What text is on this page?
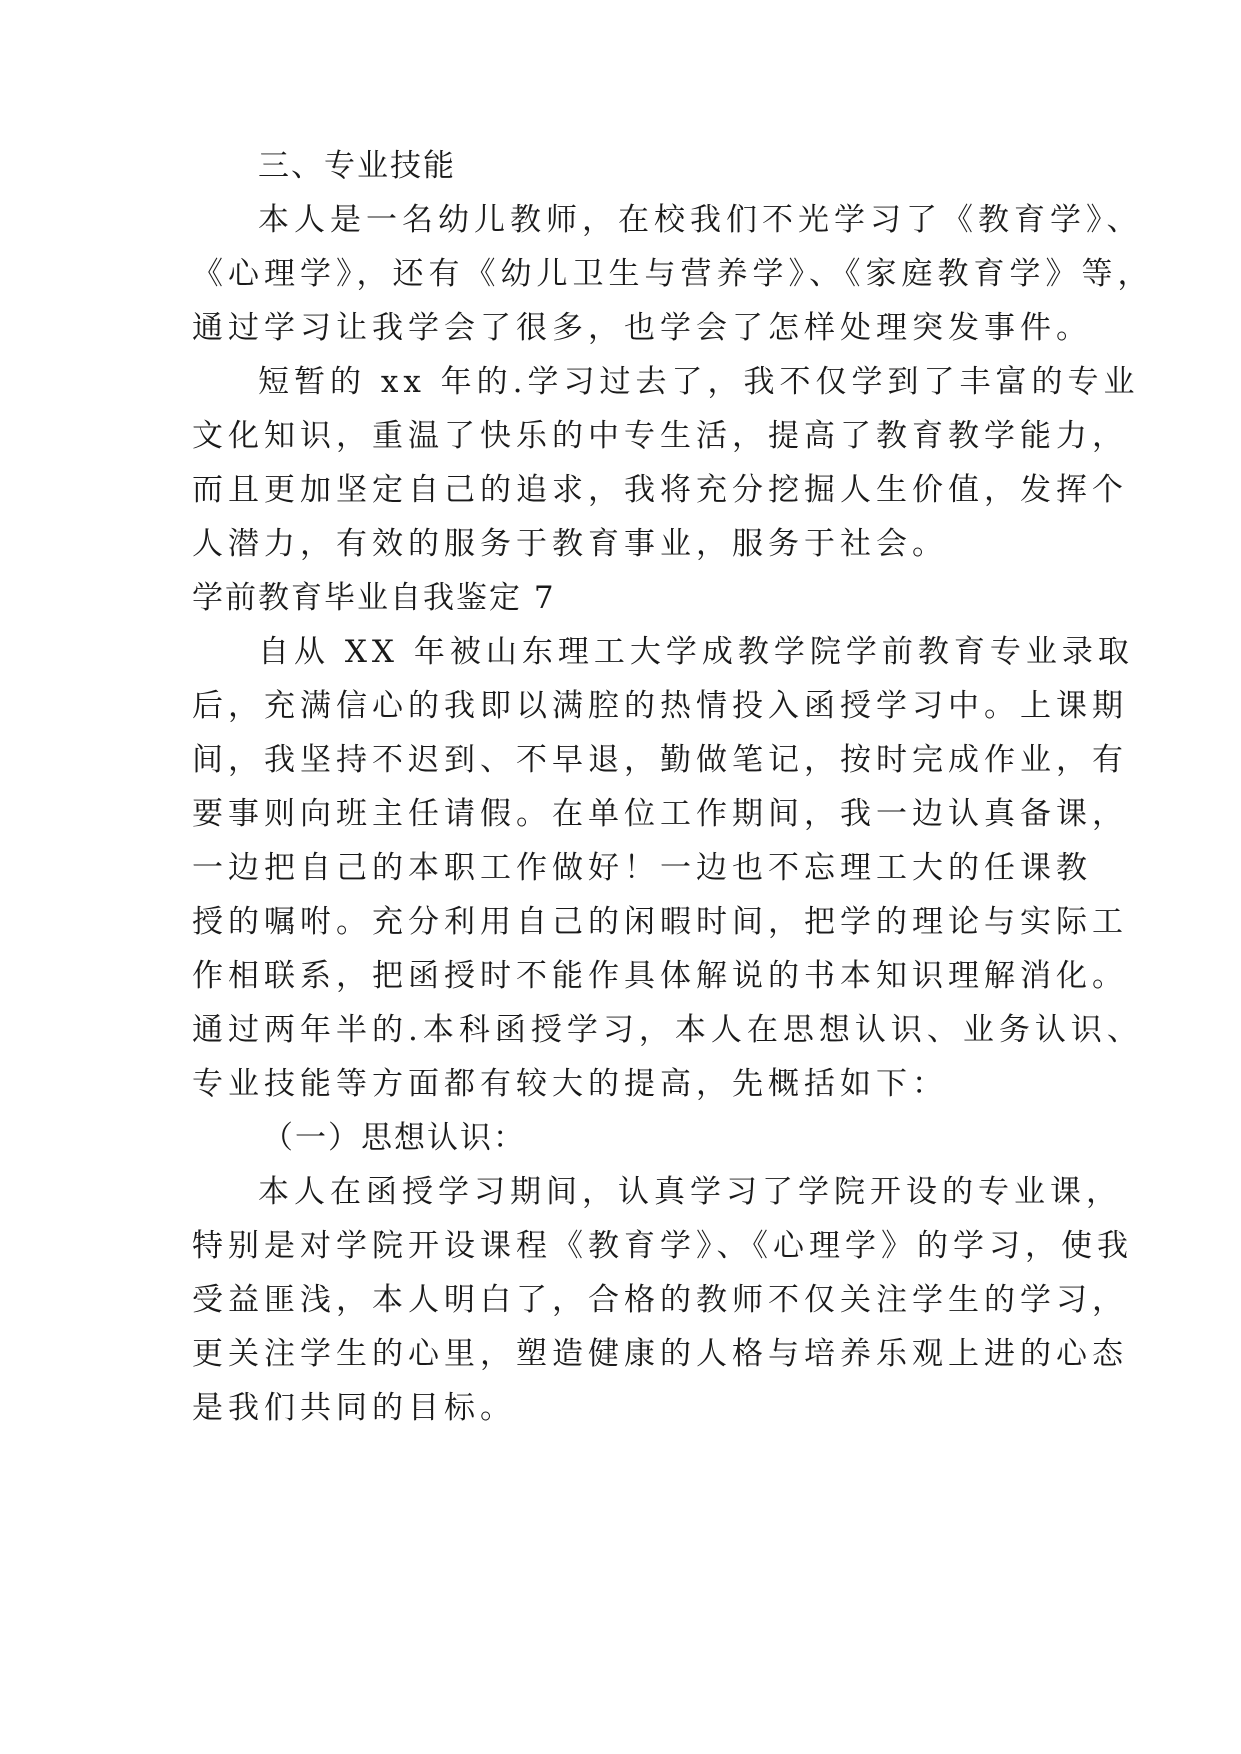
三、专业技能
本人是一名幼儿教师，在校我们不光学习了《教育学》、
《心理学》，还有《幼儿卫生与营养学》、《家庭教育学》等，
通过学习让我学会了很多，也学会了怎样处理突发事件。
短暂的 xx 年的.学习过去了，我不仅学到了丰富的专业
文化知识，重温了快乐的中专生活，提高了教育教学能力，
而且更加坚定自己的追求，我将充分挖掘人生价值，发挥个
人潜力，有效的服务于教育事业，服务于社会。
学前教育毕业自我鉴定 7
自从 XX 年被山东理工大学成教学院学前教育专业录取
后，充满信心的我即以满腔的热情投入函授学习中。上课期
间，我坚持不迟到、不早退，勤做笔记，按时完成作业，有
要事则向班主任请假。在单位工作期间，我一边认真备课，
一边把自己的本职工作做好！一边也不忘理工大的任课教
授的嘱咐。充分利用自己的闲暇时间，把学的理论与实际工
作相联系，把函授时不能作具体解说的书本知识理解消化。
通过两年半的.本科函授学习，本人在思想认识、业务认识、
专业技能等方面都有较大的提高，先概括如下：
（一）思想认识：
本人在函授学习期间，认真学习了学院开设的专业课，
特别是对学院开设课程《教育学》、《心理学》的学习，使我
受益匪浅，本人明白了，合格的教师不仅关注学生的学习，
更关注学生的心里，塑造健康的人格与培养乐观上进的心态
是我们共同的目标。
